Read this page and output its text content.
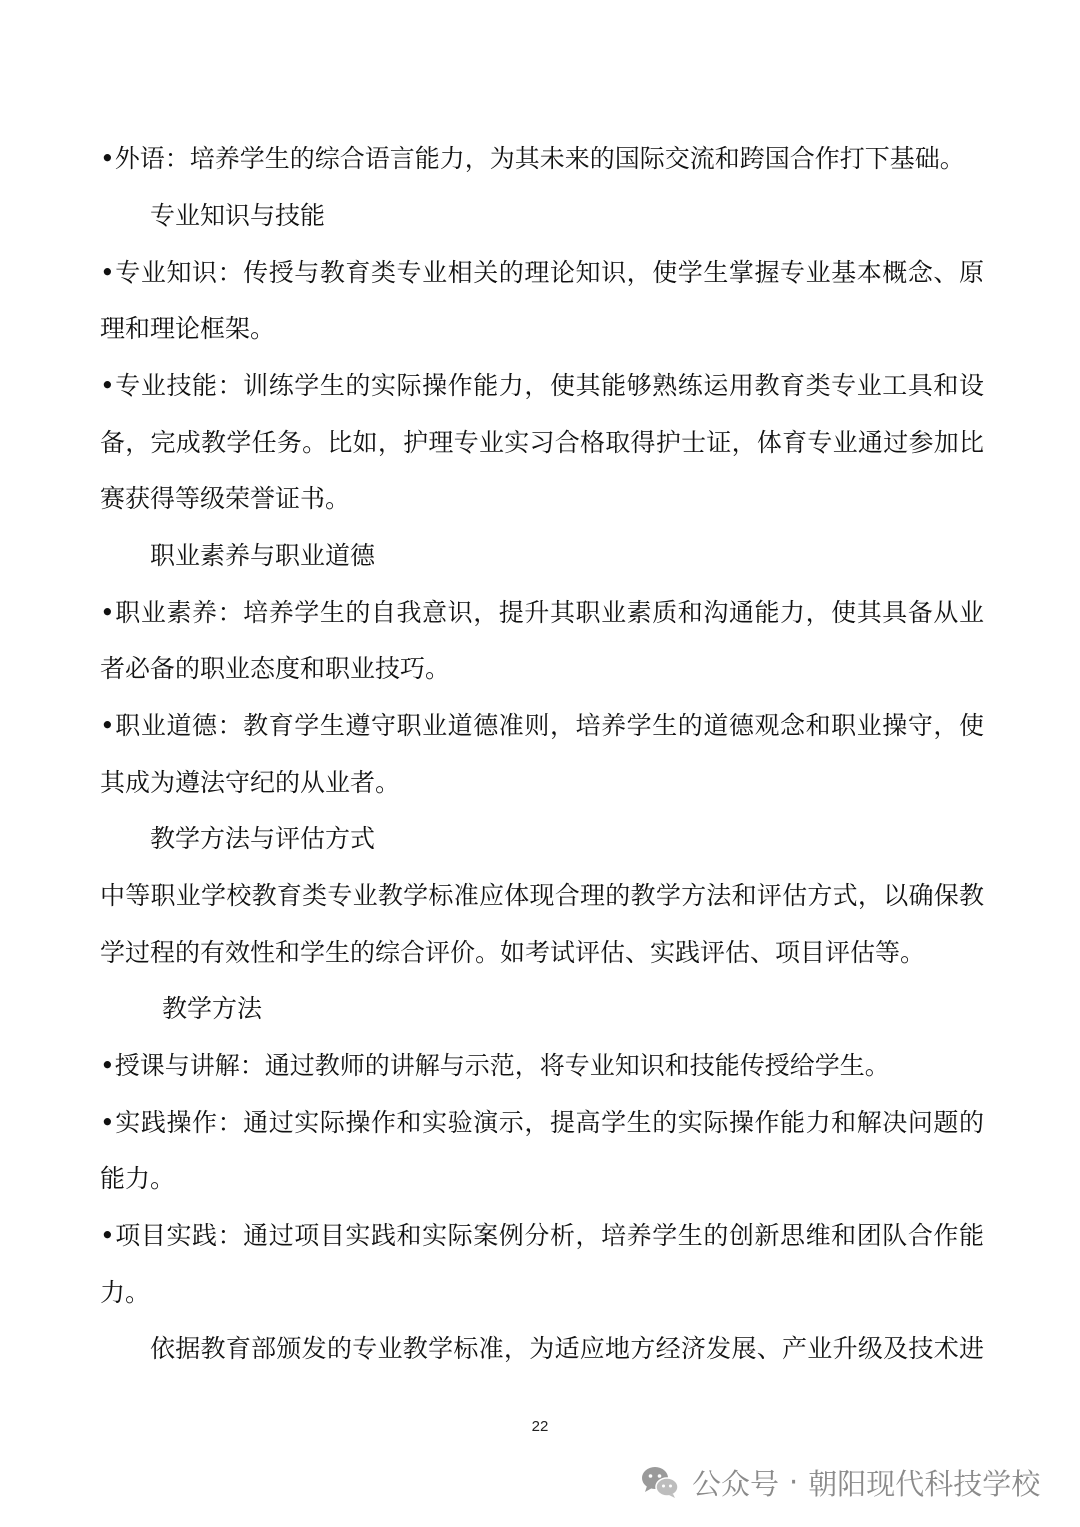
•外语：培养学生的综合语言能力，为其未来的国际交流和跨国合作打下基础。
专业知识与技能
•专业知识：传授与教育类专业相关的理论知识，使学生掌握专业基本概念、原
理和理论框架。
•专业技能：训练学生的实际操作能力，使其能够熟练运用教育类专业工具和设
备，完成教学任务。比如，护理专业实习合格取得护士证，体育专业通过参加比
赛获得等级荣誉证书。
职业素养与职业道德
•职业素养：培养学生的自我意识，提升其职业素质和沟通能力，使其具备从业
者必备的职业态度和职业技巧。
•职业道德：教育学生遵守职业道德准则，培养学生的道德观念和职业操守，使
其成为遵法守纪的从业者。
教学方法与评估方式
中等职业学校教育类专业教学标准应体现合理的教学方法和评估方式，以确保教
学过程的有效性和学生的综合评价。如考试评估、实践评估、项目评估等。
教学方法
•授课与讲解：通过教师的讲解与示范，将专业知识和技能传授给学生。
•实践操作：通过实际操作和实验演示，提高学生的实际操作能力和解决问题的
能力。
•项目实践：通过项目实践和实际案例分析，培养学生的创新思维和团队合作能
力。
依据教育部颁发的专业教学标准，为适应地方经济发展、产业升级及技术进
22
公众号 · 朝阳现代科技学校
